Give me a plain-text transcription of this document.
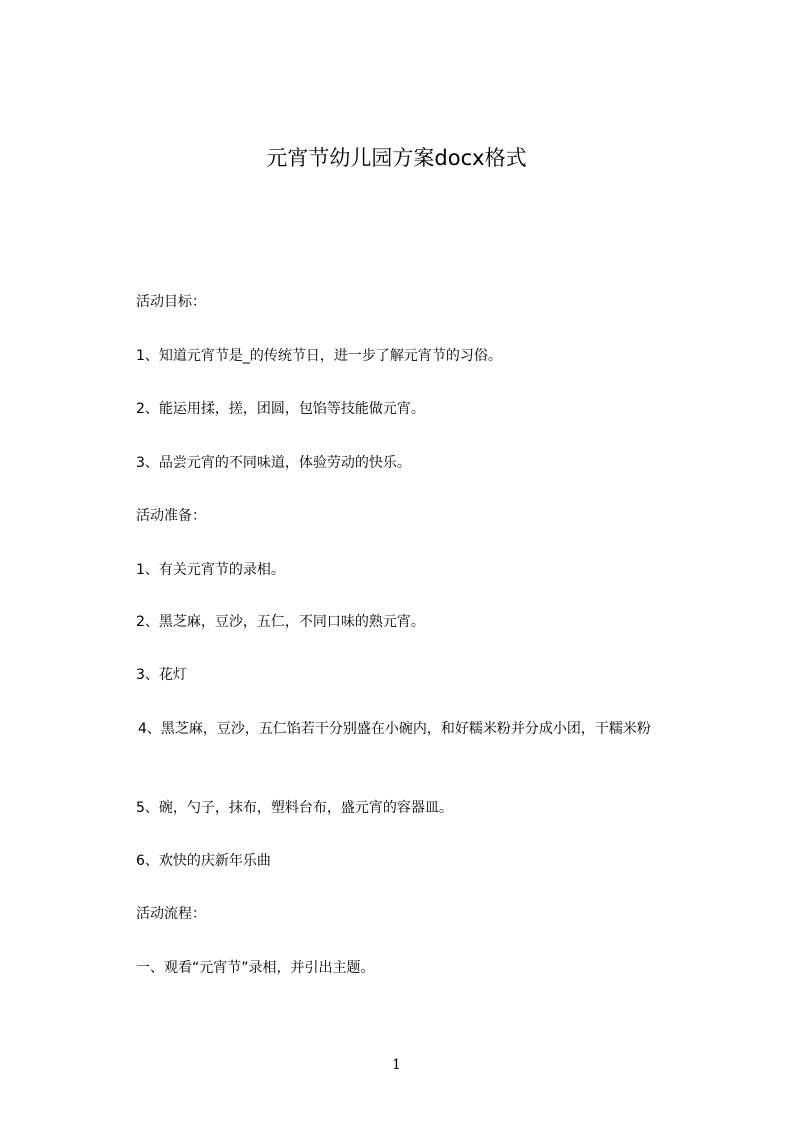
元宵节幼儿园方案docx格式
活动目标：
1、知道元宵节是_的传统节日，进一步了解元宵节的习俗。
2、能运用揉，搓，团圆，包馅等技能做元宵。
3、品尝元宵的不同味道，体验劳动的快乐。
活动准备：
1、有关元宵节的录相。
2、黑芝麻，豆沙，五仁，不同口味的熟元宵。
3、花灯
4、黑芝麻，豆沙，五仁馅若干分别盛在小碗内，和好糯米粉并分成小团，干糯米粉
5、碗，勺子，抹布，塑料台布，盛元宵的容器皿。
6、欢快的庆新年乐曲
活动流程：
一、观看“元宵节”录相，并引出主题。
1
